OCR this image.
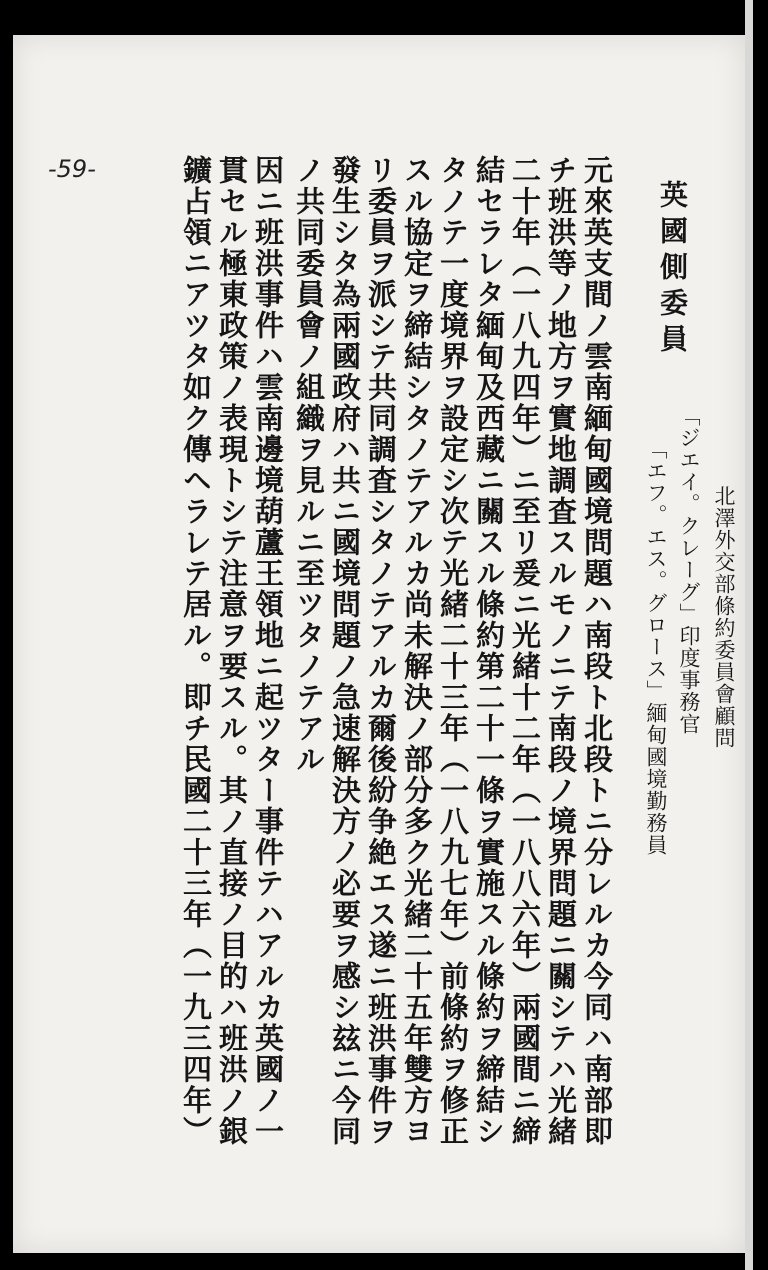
-59-
北澤外交部條約委員會顧問
「ジエイ。クレーグ」印度事務官
「エフ。エス。グロース」緬甸國境勤務員
英國側委員
元來英支間ノ雲南緬甸國境問題ハ南段ト北段トニ分レルカ今同ハ南部即
チ班洪等ノ地方ヲ實地調査スルモノニテ南段ノ境界問題ニ關シテハ光緒
二十年（一八九四年）ニ至リ爰ニ光緒十二年（一八八六年）兩國間ニ締
結セラレタ緬甸及西藏ニ關スル條約第二十一條ヲ實施スル條約ヲ締結シ
タノテ一度境界ヲ設定シ次テ光緒二十三年（一八九七年）前條約ヲ修正
スル協定ヲ締結シタノテアルカ尚未解決ノ部分多ク光緒二十五年雙方ヨ
リ委員ヲ派シテ共同調査シタノテアルカ爾後紛争絶エス遂ニ班洪事件ヲ
發生シタ為兩國政府ハ共ニ國境問題ノ急速解決方ノ必要ヲ感シ玆ニ今同
ノ共同委員會ノ組織ヲ見ルニ至ツタノテアル
因ニ班洪事件ハ雲南邊境葫蘆王領地ニ起ツター事件テハアルカ英國ノ一
貫セル極東政策ノ表現トシテ注意ヲ要スル。其ノ直接ノ目的ハ班洪ノ銀
鑛占領ニアツタ如ク傳ヘラレテ居ル。即チ民國二十三年（一九三四年）
